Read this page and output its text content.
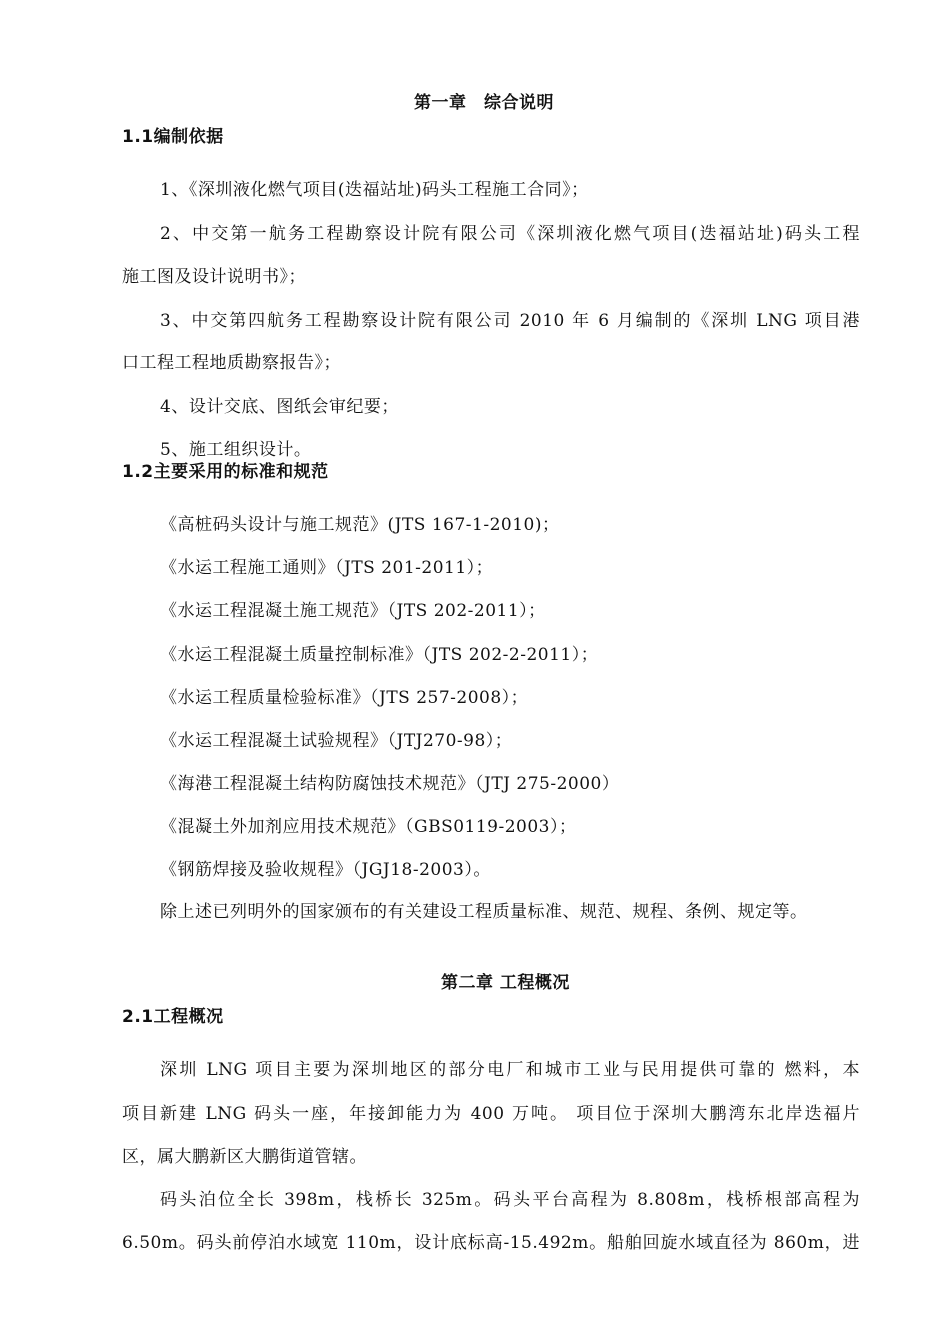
第一章　综合说明
1.1编制依据
1、《深圳液化燃气项目(迭福站址)码头工程施工合同》；
2、中交第一航务工程勘察设计院有限公司《深圳液化燃气项目(迭福站址)码头工程
施工图及设计说明书》；
3、中交第四航务工程勘察设计院有限公司 2010 年 6 月编制的《深圳 LNG 项目港
口工程工程地质勘察报告》；
4、设计交底、图纸会审纪要；
5、施工组织设计。
1.2主要采用的标准和规范
《高桩码头设计与施工规范》(JTS 167-1-2010)；
《水运工程施工通则》（JTS 201-2011）；
《水运工程混凝土施工规范》（JTS 202-2011）；
《水运工程混凝土质量控制标准》（JTS 202-2-2011）；
《水运工程质量检验标准》（JTS 257-2008）；
《水运工程混凝土试验规程》（JTJ270-98）；
《海港工程混凝土结构防腐蚀技术规范》（JTJ 275-2000）
《混凝土外加剂应用技术规范》（GBS0119-2003）；
《钢筋焊接及验收规程》（JGJ18-2003）。
除上述已列明外的国家颁布的有关建设工程质量标准、规范、规程、条例、规定等。
第二章 工程概况
2.1工程概况
深圳 LNG 项目主要为深圳地区的部分电厂和城市工业与民用提供可靠的 燃料，本
项目新建 LNG 码头一座，年接卸能力为 400 万吨。 项目位于深圳大鹏湾东北岸迭福片
区，属大鹏新区大鹏街道管辖。
码头泊位全长 398m，栈桥长 325m。码头平台高程为 8.808m，栈桥根部高程为
6.50m。码头前停泊水域宽 110m，设计底标高-15.492m。船舶回旋水域直径为 860m，进
